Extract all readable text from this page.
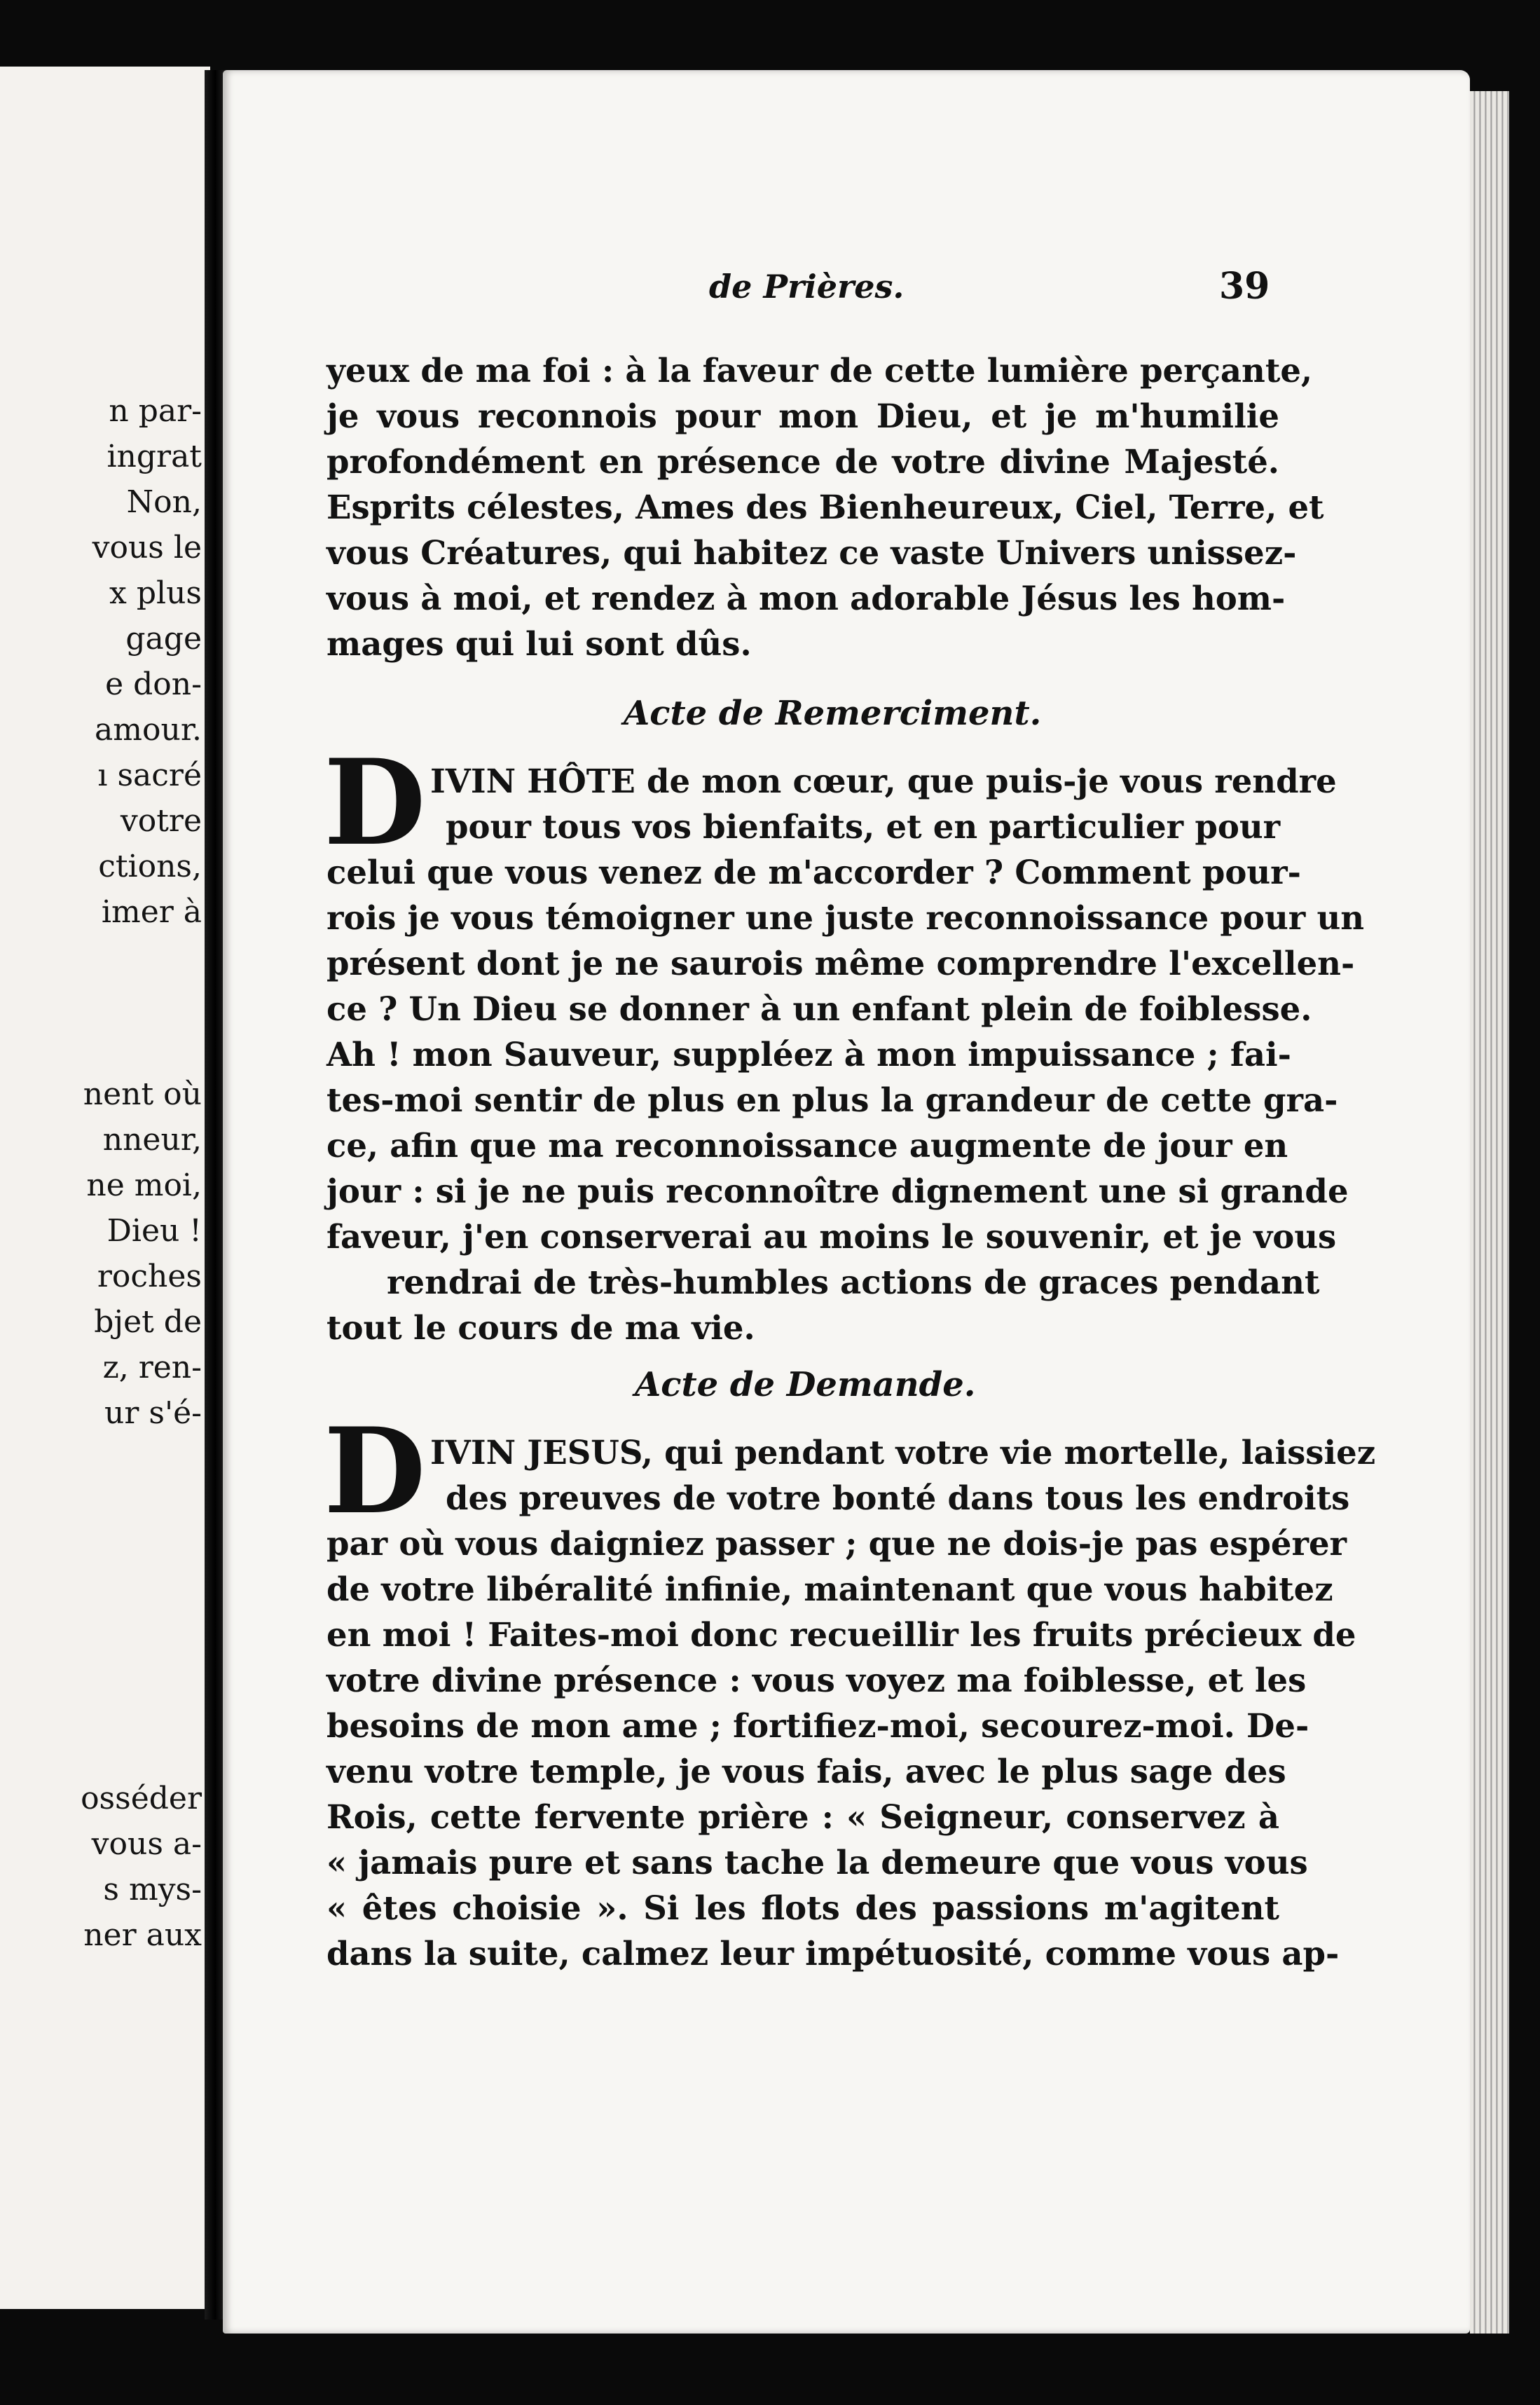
n par-
ingrat
Non,
vous le
x plus
gage
e don-
amour.
ı sacré
votre
ctions,
imer à
nent où
nneur,
ne moi,
Dieu !
roches
bjet de
z, ren-
ur s'é-
osséder
vous a-
s mys-
ner aux
de Prières.	39
yeux de ma foi : à la faveur de cette lumière perçante,
je vous reconnois pour mon Dieu, et je m'humilie
profondément en présence de votre divine Majesté.
Esprits célestes, Ames des Bienheureux, Ciel, Terre, et
vous Créatures, qui habitez ce vaste Univers unissez-
vous à moi, et rendez à mon adorable Jésus les hom-
mages qui lui sont dûs.
Acte de Remerciment.
D IVIN HÔTE de mon cœur, que puis-je vous rendre
pour tous vos bienfaits, et en particulier pour
celui que vous venez de m'accorder ? Comment pour-
rois je vous témoigner une juste reconnoissance pour un
présent dont je ne saurois même comprendre l'excellen-
ce ? Un Dieu se donner à un enfant plein de foiblesse.
Ah ! mon Sauveur, suppléez à mon impuissance ; fai-
tes-moi sentir de plus en plus la grandeur de cette gra-
ce, afin que ma reconnoissance augmente de jour en
jour : si je ne puis reconnoître dignement une si grande
faveur, j'en conserverai au moins le souvenir, et je vous
rendrai de très-humbles actions de graces pendant
tout le cours de ma vie.
Acte de Demande.
D IVIN JESUS, qui pendant votre vie mortelle, laissiez
des preuves de votre bonté dans tous les endroits
par où vous daigniez passer ; que ne dois-je pas espérer
de votre libéralité infinie, maintenant que vous habitez
en moi ! Faites-moi donc recueillir les fruits précieux de
votre divine présence : vous voyez ma foiblesse, et les
besoins de mon ame ; fortifiez-moi, secourez-moi. De-
venu votre temple, je vous fais, avec le plus sage des
Rois, cette fervente prière : « Seigneur, conservez à
« jamais pure et sans tache la demeure que vous vous
« êtes choisie ». Si les flots des passions m'agitent
dans la suite, calmez leur impétuosité, comme vous ap-
